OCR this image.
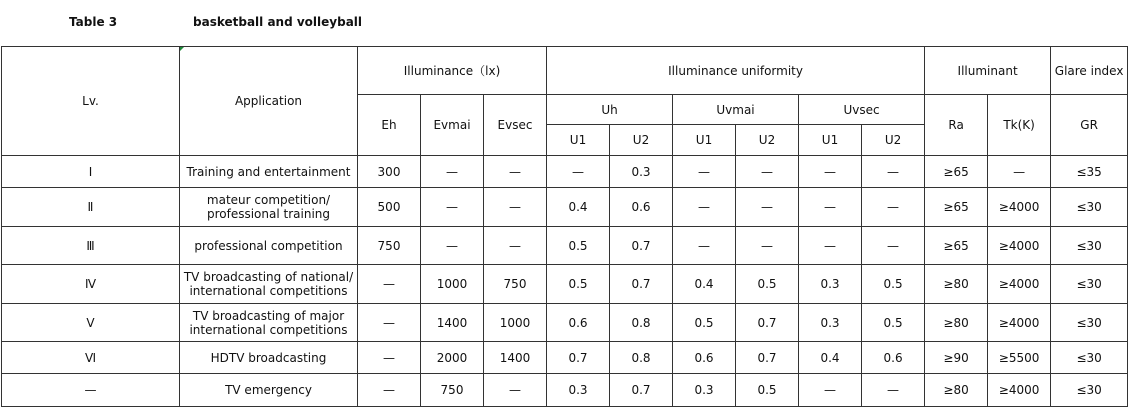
Table 3	basketball and volleyball
Lv.	Application	Illuminance（lx)			Illuminance uniformity						Illuminant		Glare index
		Eh	Evmai	Evsec	Uh		Uvmai		Uvsec		Ra	Tk(K)	GR
					U1	U2	U1	U2	U1	U2			
Ⅰ	Training and entertainment	300	—	—	—	0.3	—	—	—	—	≥65	—	≤35
Ⅱ	mateur competition/ professional training	500	—	—	0.4	0.6	—	—	—	—	≥65	≥4000	≤30
Ⅲ	professional competition	750	—	—	0.5	0.7	—	—	—	—	≥65	≥4000	≤30
Ⅳ	TV broadcasting of national/ international competitions	—	1000	750	0.5	0.7	0.4	0.5	0.3	0.5	≥80	≥4000	≤30
Ⅴ	TV broadcasting of major international competitions	—	1400	1000	0.6	0.8	0.5	0.7	0.3	0.5	≥80	≥4000	≤30
Ⅵ	HDTV broadcasting	—	2000	1400	0.7	0.8	0.6	0.7	0.4	0.6	≥90	≥5500	≤30
—	TV emergency	—	750	—	0.3	0.7	0.3	0.5	—	—	≥80	≥4000	≤30
